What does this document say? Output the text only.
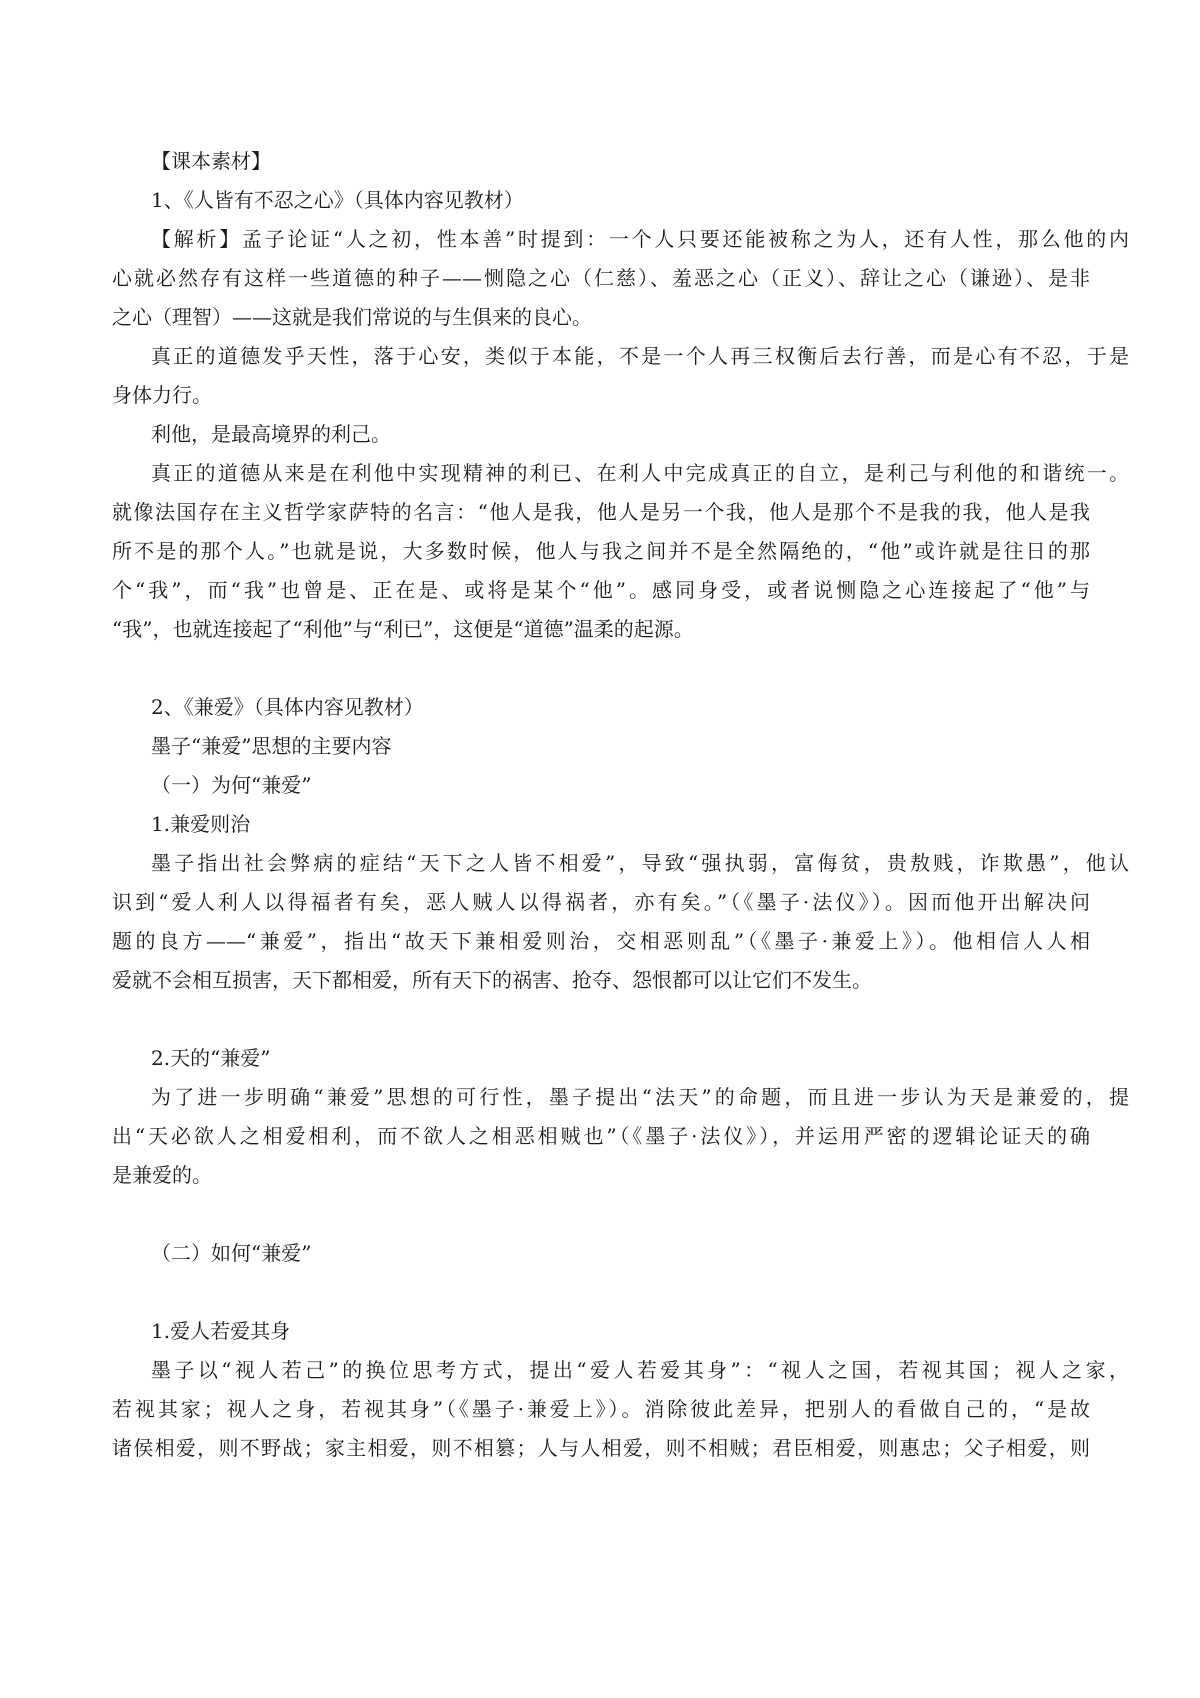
【课本素材】
1、《人皆有不忍之心》（具体内容见教材）
【解析】孟子论证“人之初，性本善”时提到：一个人只要还能被称之为人，还有人性，那么他的内
心就必然存有这样一些道德的种子——恻隐之心（仁慈）、羞恶之心（正义）、辞让之心（谦逊）、是非
之心（理智）——这就是我们常说的与生俱来的良心。
真正的道德发乎天性，落于心安，类似于本能，不是一个人再三权衡后去行善，而是心有不忍，于是
身体力行。
利他，是最高境界的利己。
真正的道德从来是在利他中实现精神的利已、在利人中完成真正的自立，是利己与利他的和谐统一。
就像法国存在主义哲学家萨特的名言：“他人是我，他人是另一个我，他人是那个不是我的我，他人是我
所不是的那个人。”也就是说，大多数时候，他人与我之间并不是全然隔绝的，“他”或许就是往日的那
个“我”，而“我”也曾是、正在是、或将是某个“他”。感同身受，或者说恻隐之心连接起了“他”与
“我”，也就连接起了“利他”与“利已”，这便是“道德”温柔的起源。
2、《兼爱》（具体内容见教材）
墨子“兼爱”思想的主要内容
（一）为何“兼爱”
1.兼爱则治
墨子指出社会弊病的症结“天下之人皆不相爱”，导致“强执弱，富侮贫，贵敖贱，诈欺愚”，他认
识到“爱人利人以得福者有矣，恶人贼人以得祸者，亦有矣。”（《墨子·法仪》）。因而他开出解决问
题的良方——“兼爱”，指出“故天下兼相爱则治，交相恶则乱”（《墨子·兼爱上》）。他相信人人相
爱就不会相互损害，天下都相爱，所有天下的祸害、抢夺、怨恨都可以让它们不发生。
2.天的“兼爱”
为了进一步明确“兼爱”思想的可行性，墨子提出“法天”的命题，而且进一步认为天是兼爱的，提
出“天必欲人之相爱相利，而不欲人之相恶相贼也”（《墨子·法仪》），并运用严密的逻辑论证天的确
是兼爱的。
（二）如何“兼爱”
1.爱人若爱其身
墨子以“视人若己”的换位思考方式，提出“爱人若爱其身”：“视人之国，若视其国；视人之家，
若视其家；视人之身，若视其身”（《墨子·兼爱上》）。消除彼此差异，把别人的看做自己的，“是故
诸侯相爱，则不野战；家主相爱，则不相篡；人与人相爱，则不相贼；君臣相爱，则惠忠；父子相爱，则
